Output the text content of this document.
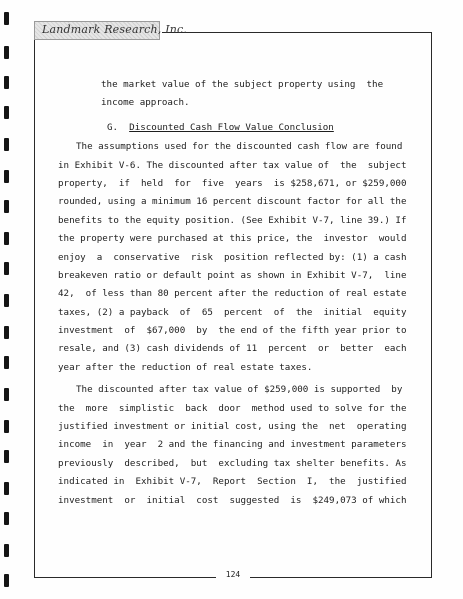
Landmark Research, Inc.
the market value of the subject property using  the
income approach.
G. Discounted Cash Flow Value Conclusion
The assumptions used for the discounted cash flow are found
in Exhibit V-6. The discounted after tax value of  the  subject
property,  if  held  for  five  years  is $258,671, or $259,000
rounded, using a minimum 16 percent discount factor for all the
benefits to the equity position. (See Exhibit V-7, line 39.) If
the property were purchased at this price, the  investor  would
enjoy  a  conservative  risk  position reflected by: (1) a cash
breakeven ratio or default point as shown in Exhibit V-7,  line
42,  of less than 80 percent after the reduction of real estate
taxes, (2) a payback  of  65  percent  of  the  initial  equity
investment  of  $67,000  by  the end of the fifth year prior to
resale, and (3) cash dividends of 11  percent  or  better  each
year after the reduction of real estate taxes.
The discounted after tax value of $259,000 is supported  by
the  more  simplistic  back  door  method used to solve for the
justified investment or initial cost, using the  net  operating
income  in  year  2 and the financing and investment parameters
previously  described,  but  excluding tax shelter benefits. As
indicated in  Exhibit V-7,  Report  Section  I,  the  justified
investment  or  initial  cost  suggested  is  $249,073 of which
124
